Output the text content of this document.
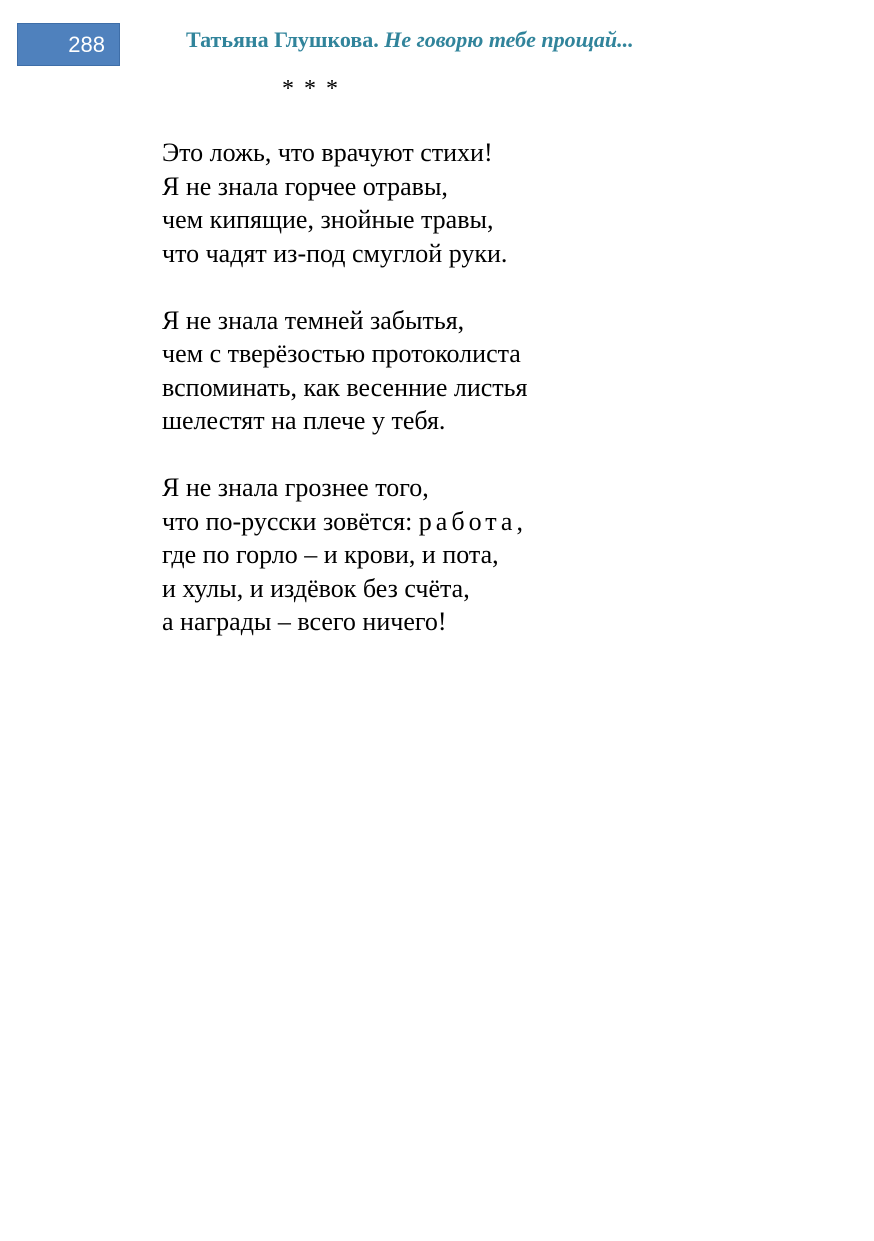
288	Татьяна Глушкова. Не говорю тебе прощай...
* * *
Это ложь, что врачуют стихи!
Я не знала горчее отравы,
чем кипящие, знойные травы,
что чадят из-под смуглой руки.
Я не знала темней забытья,
чем с тверёзостью протоколиста
вспоминать, как весенние листья
шелестят на плече у тебя.
Я не знала грознее того,
что по-русски зовётся: работа,
где по горло – и крови, и пота,
и хулы, и издёвок без счёта,
а награды – всего ничего!
